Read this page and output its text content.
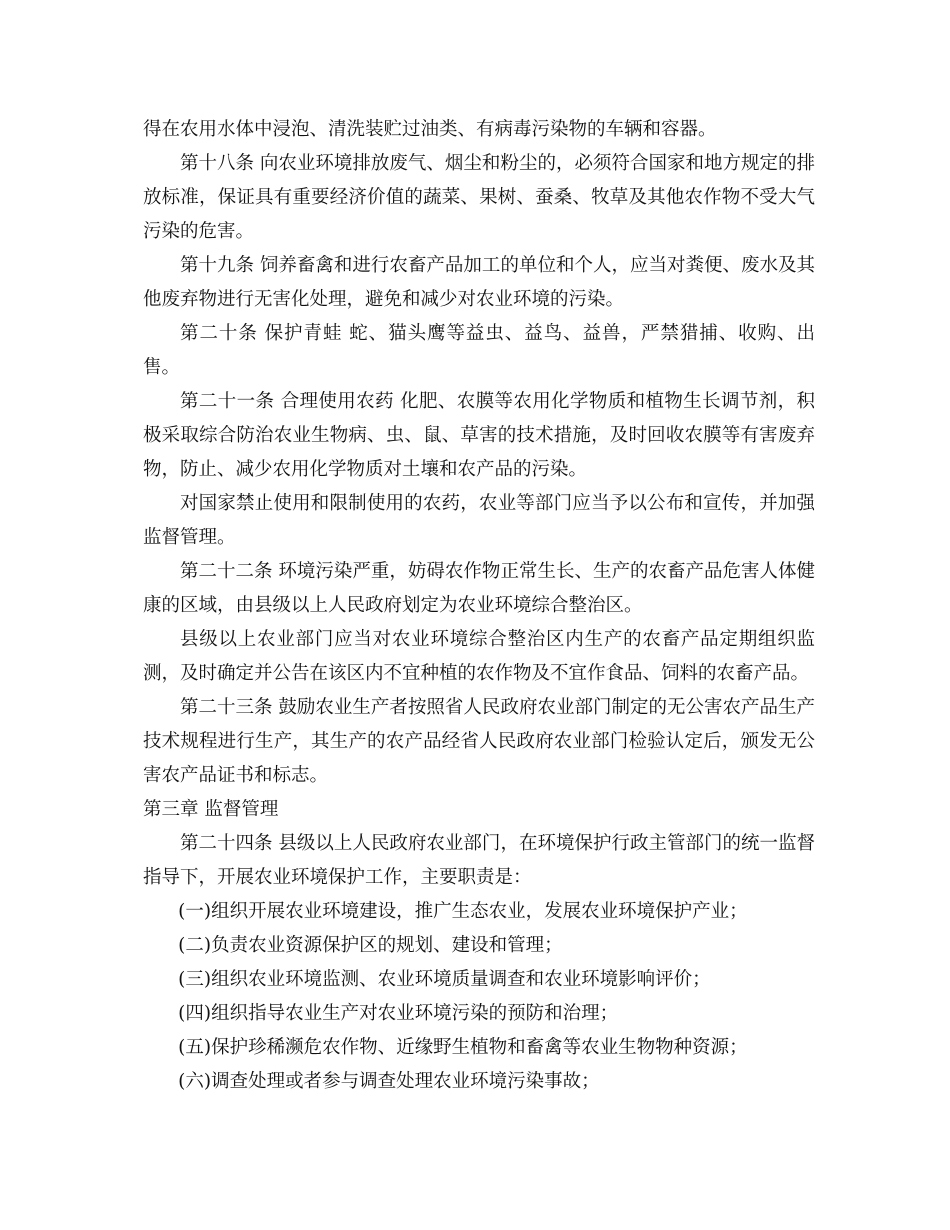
得在农用水体中浸泡、清洗装贮过油类、有病毒污染物的车辆和容器。

第十八条 向农业环境排放废气、烟尘和粉尘的，必须符合国家和地方规定的排放标准，保证具有重要经济价值的蔬菜、果树、蚕桑、牧草及其他农作物不受大气污染的危害。

第十九条 饲养畜禽和进行农畜产品加工的单位和个人，应当对粪便、废水及其他废弃物进行无害化处理，避免和减少对农业环境的污染。

第二十条 保护青蛙 蛇、猫头鹰等益虫、益鸟、益兽，严禁猎捕、收购、出售。

第二十一条 合理使用农药 化肥、农膜等农用化学物质和植物生长调节剂，积极采取综合防治农业生物病、虫、鼠、草害的技术措施，及时回收农膜等有害废弃物，防止、减少农用化学物质对土壤和农产品的污染。

对国家禁止使用和限制使用的农药，农业等部门应当予以公布和宣传，并加强监督管理。

第二十二条 环境污染严重，妨碍农作物正常生长、生产的农畜产品危害人体健康的区域，由县级以上人民政府划定为农业环境综合整治区。

县级以上农业部门应当对农业环境综合整治区内生产的农畜产品定期组织监测，及时确定并公告在该区内不宜种植的农作物及不宜作食品、饲料的农畜产品。

第二十三条 鼓励农业生产者按照省人民政府农业部门制定的无公害农产品生产技术规程进行生产，其生产的农产品经省人民政府农业部门检验认定后，颁发无公害农产品证书和标志。

第三章 监督管理

第二十四条 县级以上人民政府农业部门，在环境保护行政主管部门的统一监督指导下，开展农业环境保护工作，主要职责是：

(一)组织开展农业环境建设，推广生态农业，发展农业环境保护产业；

(二)负责农业资源保护区的规划、建设和管理；

(三)组织农业环境监测、农业环境质量调查和农业环境影响评价；

(四)组织指导农业生产对农业环境污染的预防和治理；

(五)保护珍稀濒危农作物、近缘野生植物和畜禽等农业生物物种资源；

(六)调查处理或者参与调查处理农业环境污染事故；
